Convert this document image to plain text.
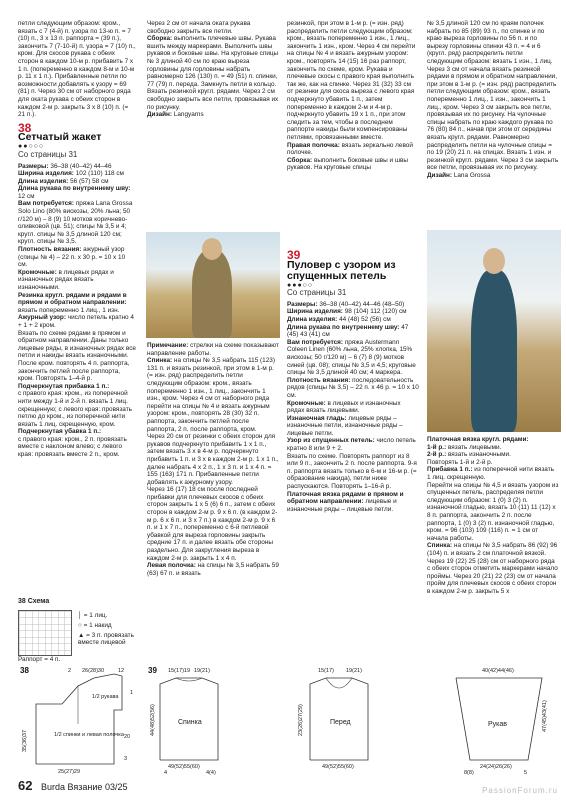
петли следующим образом: кром., вязать с 7 (4-й) п. узора по 13-ю п. = 7 (10) п., 3 х 13 п. раппорта = (39 п.), закончить 7 (7-10-й) п. узора = 7 (10) п., кром. Для скосов рукава с обеих сторон в каждом 10-м р. прибавить 7 х 1 п. (попеременно в каждом 8-м и 10-м р. 11 х 1 п.). Прибавленные петли по возможности добавлять к узору = 69 (81) п. Через 30 см от наборного ряда для оката рукава с обеих сторон в каждом 2-м р. закрыть 3 х 8 (10) п. (= 21 п.).

38
Сетчатый жакет
●●○○○
Со страницы 31

Размеры: 36–38 (40–42) 44–46

Ширина изделия: 102 (110) 118 см

Длина изделия: 56 (57) 58 см

Длина рукава по внутреннему шву: 12 см

Вам потребуется: пряжа Lana Grossa Solo Lino (80% вискозы, 20% льна; 50 г/120 м) – 8 (9) 10 мотков коричнево-оливковой (цв. 51); спицы № 3,5 и 4; кругл. спицы № 3,5 длиной 120 см; кругл. спицы № 3,5.

Плотность вязания: ажурный узор (спицы № 4) – 22 п. х 30 р. = 10 х 10 см.

Кромочные: в лицевых рядах и изнаночных рядах вязать изнаночными.

Резинка кругл. рядами и рядами в прямом и обратном направлении: вязать попеременно 1 лиц., 1 изн.

Ажурный узор: число петель кратно 4 + 1 + 2 кром.

Вязать по схеме рядами в прямом и обратном направлении. Даны только лицевые ряды, в изнаночных рядах все петли и накиды вязать изнаночными. После кром. повторять 4 п. раппорта, закончить петлей после раппорта, кром. Повторять 1–4-й р.

Подчеркнутая прибавка 1 п.:

с правого края: кром., из поперечной нити между 1-й и 2-й п. вязать 1 лиц. скрещенную; с левого края: провязать петлю до кром., из поперечной нити вязать 1 лиц. скрещенную, кром.

Подчеркнутая убавка 1 п.:

с правого края: кром., 2 п. провязать вместе с наклоном влево; с левого края: провязать вместе 2 п., кром.

38 Схема
│ = 1 лиц.
○ = 1 накид
▲ = 3 п. провязать вместе лицевой
Раппорт = 4 п.

Через 2 см от начала оката рукава свободно закрыть все петли.

Сборка: выполнить плечевые швы. Рукава вшить между маркерами. Выполнить швы рукавов и боковые швы. На круговые спицы № 3 длиной 40 см по краю выреза горловины для горловины набрать равномерно 126 (130) п. = 49 (51) п. спинки, 77 (79) п. переда. Замкнуть петли в кольцо. Вязать резинкой кругл. рядами. Через 2 см свободно закрыть все петли, провязывая их по рисунку.

Дизайн: Langyarns

Примечание: стрелки на схеме показывают направление работы.

Спинка: на спицы № 3,5 набрать 115 (123) 131 п. и вязать резинкой, при этом в 1-м р. (= изн. ряд) распределить петли следующим образом: кром., вязать попеременно 1 изн., 1 лиц., закончить 1 изн., кром. Через 4 см от наборного ряда перейти на спицы № 4 и вязать ажурным узором: кром., повторять 28 (30) 32 п. раппорта, закончить петлей после раппорта, 2 п. после раппорта, кром.

Через 20 см от резинки с обеих сторон для рукавов подчеркнуто прибавить 1 х 1 п., затем вязать 3 х в 4-м р. подчеркнуто прибавить 1 п. и 3 х в каждом 2-м р. 1 х 1 п., далее набрать 4 х 2 п., 1 х 3 п. и 1 х 4 п. = 155 (163) 171 п. Прибавленные петли добавлять к ажурному узору.

Через 16 (17) 18 см после последней прибавки для плечевых скосов с обеих сторон закрыть 1 х 5 (6) 6 п., затем с обеих сторон в каждом 2-м р. 9 х 6 п. (в каждом 2-м р. 6 х 6 п. и 3 х 7 п.) в каждом 2-м р. 9 х 6 п. и 1 х 7 п., попеременно с 6-й петлевой убавкой для выреза горловины закрыть средние 17 п. и далее вязать обе стороны раздельно. Для закругления выреза в каждом 2-м р. закрыть 1 х 4 п.

Левая полочка: на спицы № 3,5 набрать 59 (63) 67 п. и вязать

резинкой, при этом в 1-м р. (= изн. ряд) распределить петли следующим образом: кром., вязать попеременно 1 изн., 1 лиц., закончить 1 изн., кром. Через 4 см перейти на спицы № 4 и вязать ажурным узором: кром., повторять 14 (15) 16 раз раппорт, закончить по схеме, кром. Рукава и плечевые скосы с правого края выполнить так же, как на спинке. Через 31 (32) 33 см от резинки для скоса выреза с левого края подчеркнуто убавить 1 п., затем попеременно в каждом 2-м и 4-м р. подчеркнуто убавить 19 х 1 п., при этом следить за тем, чтобы в последнем раппорте накиды были компенсированы петлями, провязанными вместе.

Правая полочка: вязать зеркально левой полочке.

Сборка: выполнить боковые швы и швы рукавов. На круговые спицы

39
Пуловер с узором из спущенных петель
●●●○○
Со страницы 31

Размеры: 36–38 (40–42) 44–46 (48–50)

Ширина изделия: 98 (104) 112 (120) см

Длина изделия: 44 (48) 52 (56) см

Длина рукава по внутреннему шву: 47 (45) 43 (41) см

Вам потребуется: пряжа Austermann Coleen Linen (60% льна, 25% хлопка, 15% вискозы; 50 г/120 м) – 6 (7) 8 (9) мотков синей (цв. 08); спицы № 3,5 и 4,5; круговые спицы № 3,5 длиной 40 см; 4 маркера.

Плотность вязания: последовательность рядов (спицы № 3,5) – 22 п. х 46 р. = 10 х 10 см.

Кромочные: в лицевых и изнаночных рядах вязать лицевыми.

Изнаночная гладь: лицевые ряды – изнаночные петли, изнаночные ряды – лицевые петли.

Узор из спущенных петель: число петель кратно 8 или 9 + 2.

Вязать по схеме. Повторять раппорт из 8 или 9 п., закончить 2 п. после раппорта. 9-я п. раппорта вязать только в 6-м и 16-м р. (= образование накида), петли ниже распускаются. Повторять 1–16-й р.

Платочная вязка рядами в прямом и обратном направлении: лицевые и изнаночные ряды – лицевые петли.

№ 3,5 длиной 120 см по краям полочек набрать по 85 (89) 93 п., по спинке и по краю выреза горловины по 56 п. и по вырезу горловины спинки 43 п. = 4 и 6 (кругл. ряд) распределить петли следующим образом: вязать 1 изн., 1 лиц. Через 3 см от начала вязать резинкой рядами в прямом и обратном направлении, при этом в 1-м р. (= изн. ряд) распределить петли следующим образом: кром., вязать попеременно 1 лиц., 1 изн., закончить 1 лиц., кром. Через 3 см закрыть все петли, провязывая их по рисунку. На чулочные спицы набрать по краю каждого рукава по 76 (80) 84 п., начав при этом от середины вязать кругл. рядами. Равномерно распределить петли на чулочные спицы = по 19 (20) 21 п. на спицах. Вязать 1 изн. и резинкой кругл. рядами. Через 3 см закрыть все петли, провязывая их по рисунку.

Дизайн: Lana Grossa

Платочная вязка кругл. рядами:

1-й р.: вязать лицевыми.

2-й р.: вязать изнаночными.

Повторять 1-й и 2-й р.

Прибавка 1 п.: из поперечной нити вязать 1 лиц. скрещенную.

Перейти на спицы № 4,5 и вязать узором из спущенных петель, распределяя петли следующим образом: 1 (0) 3 (2) п. изнаночной гладью, вязать 10 (11) 11 (12) х 8 п. раппорта, закончить 2 п. после раппорта, 1 (0) 3 (2) п. изнаночной гладью, кром. = 96 (103) 109 (116) п. = 1 см от начала работы.

Спинка: на спицы № 3,5 набрать 86 (92) 96 (104) п. и вязать 2 см платочной вязкой.

Через 19 (22) 25 (28) см от наборного ряда с обеих сторон отметить маркерами начало проймы. Через 20 (21) 22 (23) см от начала пройм для плечевых скосов с обеих сторон в каждом 2-м р. закрыть 5 х

38
1/2 рукава
1/2 спинки и левая полочка
26(28)30
2	12
1
35(36)37	20
3
25(27)29
39
Спинка
15(17)19 19(21)
44(48)52(56)
49(52)55(60)
4	4(4)
Перед
15(17) 19(21)
23(26)27(29)
49(52)55(60)
Рукав
40(42)44(46)
47(45)43(41)
24(24)26(26)
8(8)	5
62 Burda Вязание 03/25	PassionForum.ru
